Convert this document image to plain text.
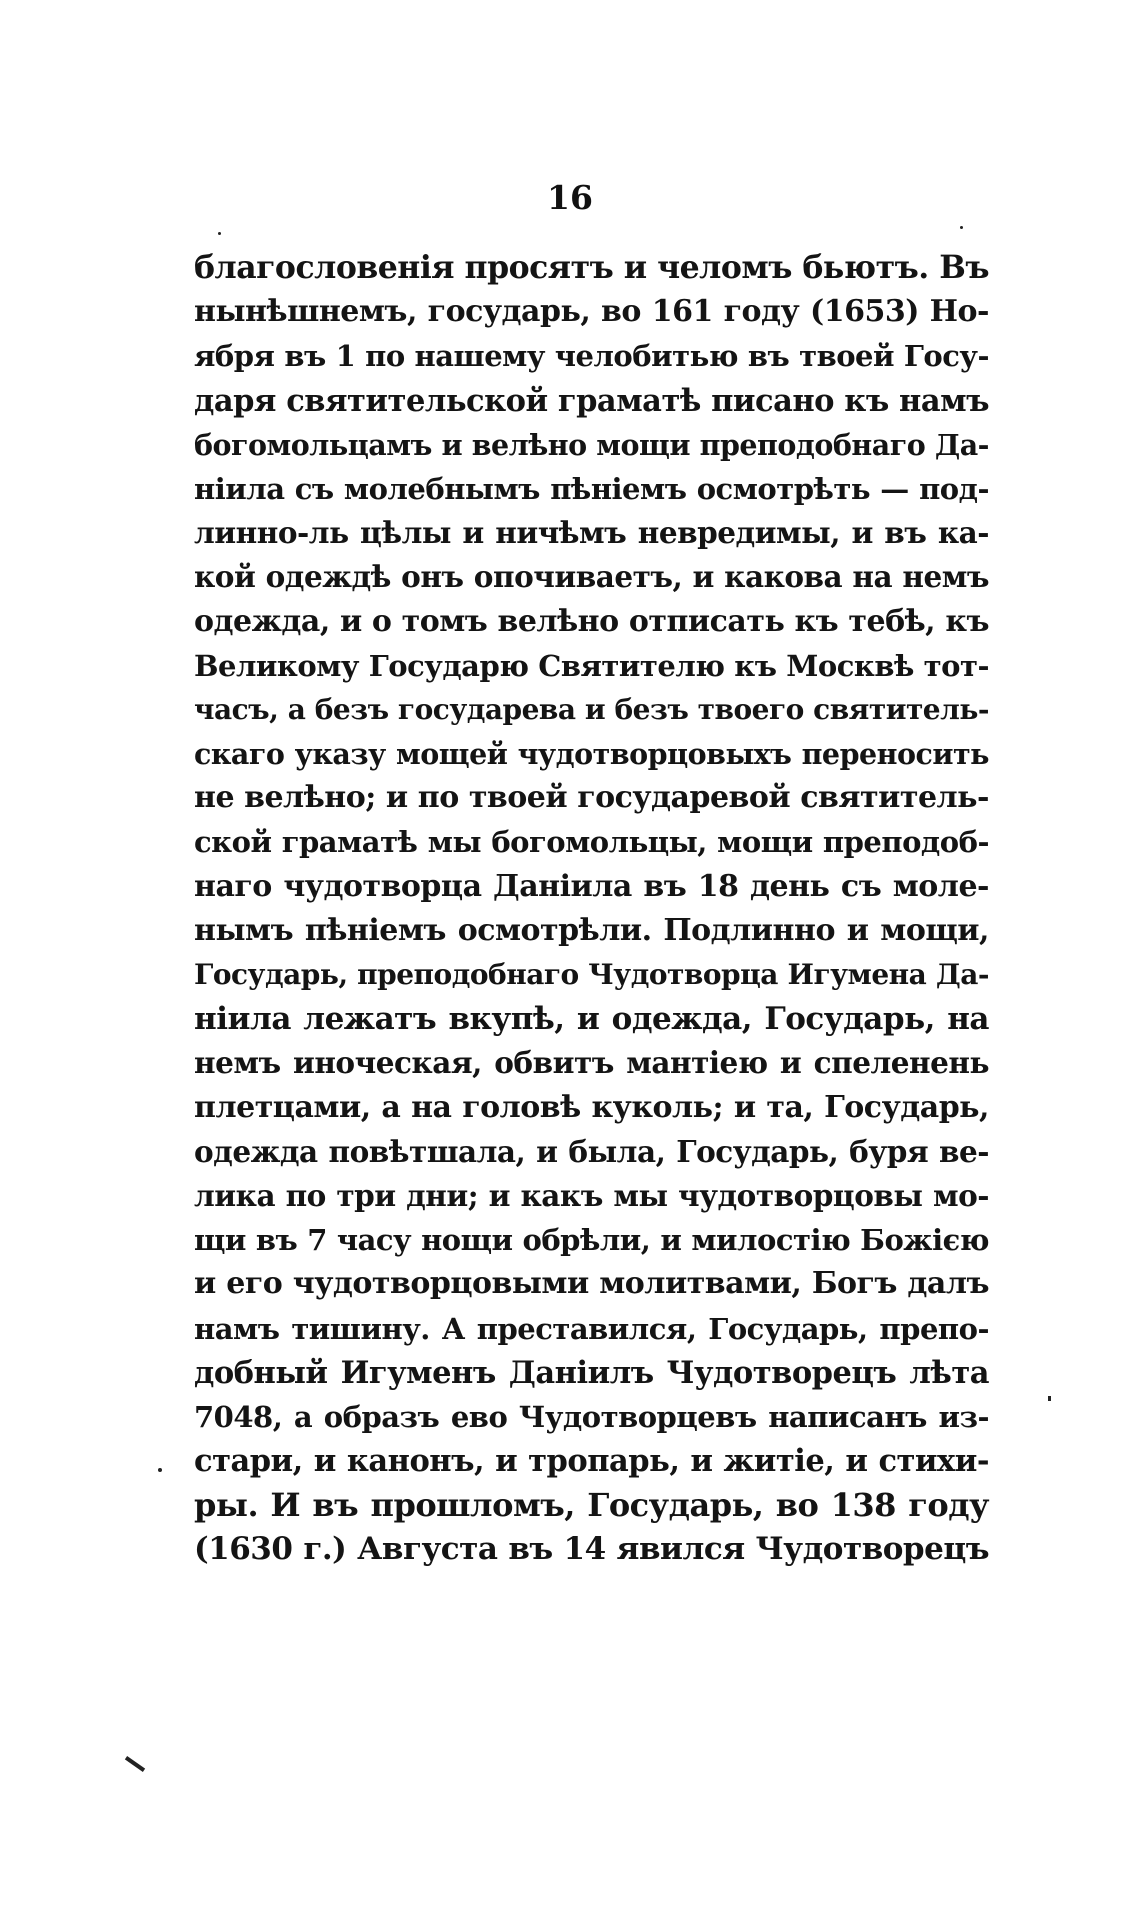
16
благословенія просятъ и челомъ бьютъ. Въ
нынѣшнемъ, государь, во 161 году (1653) Но-
ября въ 1 по нашему челобитью въ твоей Госу-
даря святительской граматѣ писано къ намъ
богомольцамъ и велѣно мощи преподобнаго Да-
ніила съ молебнымъ пѣніемъ осмотрѣть — под-
линно-ль цѣлы и ничѣмъ невредимы, и въ ка-
кой одеждѣ онъ опочиваетъ, и какова на немъ
одежда, и о томъ велѣно отписать къ тебѣ, къ
Великому Государю Святителю къ Москвѣ тот-
часъ, а безъ государева и безъ твоего святитель-
скаго указу мощей чудотворцовыхъ переносить
не велѣно; и по твоей государевой святитель-
ской граматѣ мы богомольцы, мощи преподоб-
наго чудотворца Даніила въ 18 день съ моле-
нымъ пѣніемъ осмотрѣли. Подлинно и мощи,
Государь, преподобнаго Чудотворца Игумена Да-
ніила лежатъ вкупѣ, и одежда, Государь, на
немъ иноческая, обвитъ мантіею и спеленень
плетцами, а на головѣ куколь; и та, Государь,
одежда повѣтшала, и была, Государь, буря ве-
лика по три дни; и какъ мы чудотворцовы мо-
щи въ 7 часу нощи обрѣли, и милостію Божією
и его чудотворцовыми молитвами, Богъ далъ
намъ тишину. А преставился, Государь, препо-
добный Игуменъ Даніилъ Чудотворецъ лѣта
7048, а образъ ево Чудотворцевъ написанъ из-
стари, и канонъ, и тропарь, и житіе, и стихи-
ры. И въ прошломъ, Государь, во 138 году
(1630 г.) Августа въ 14 явился Чудотворецъ
